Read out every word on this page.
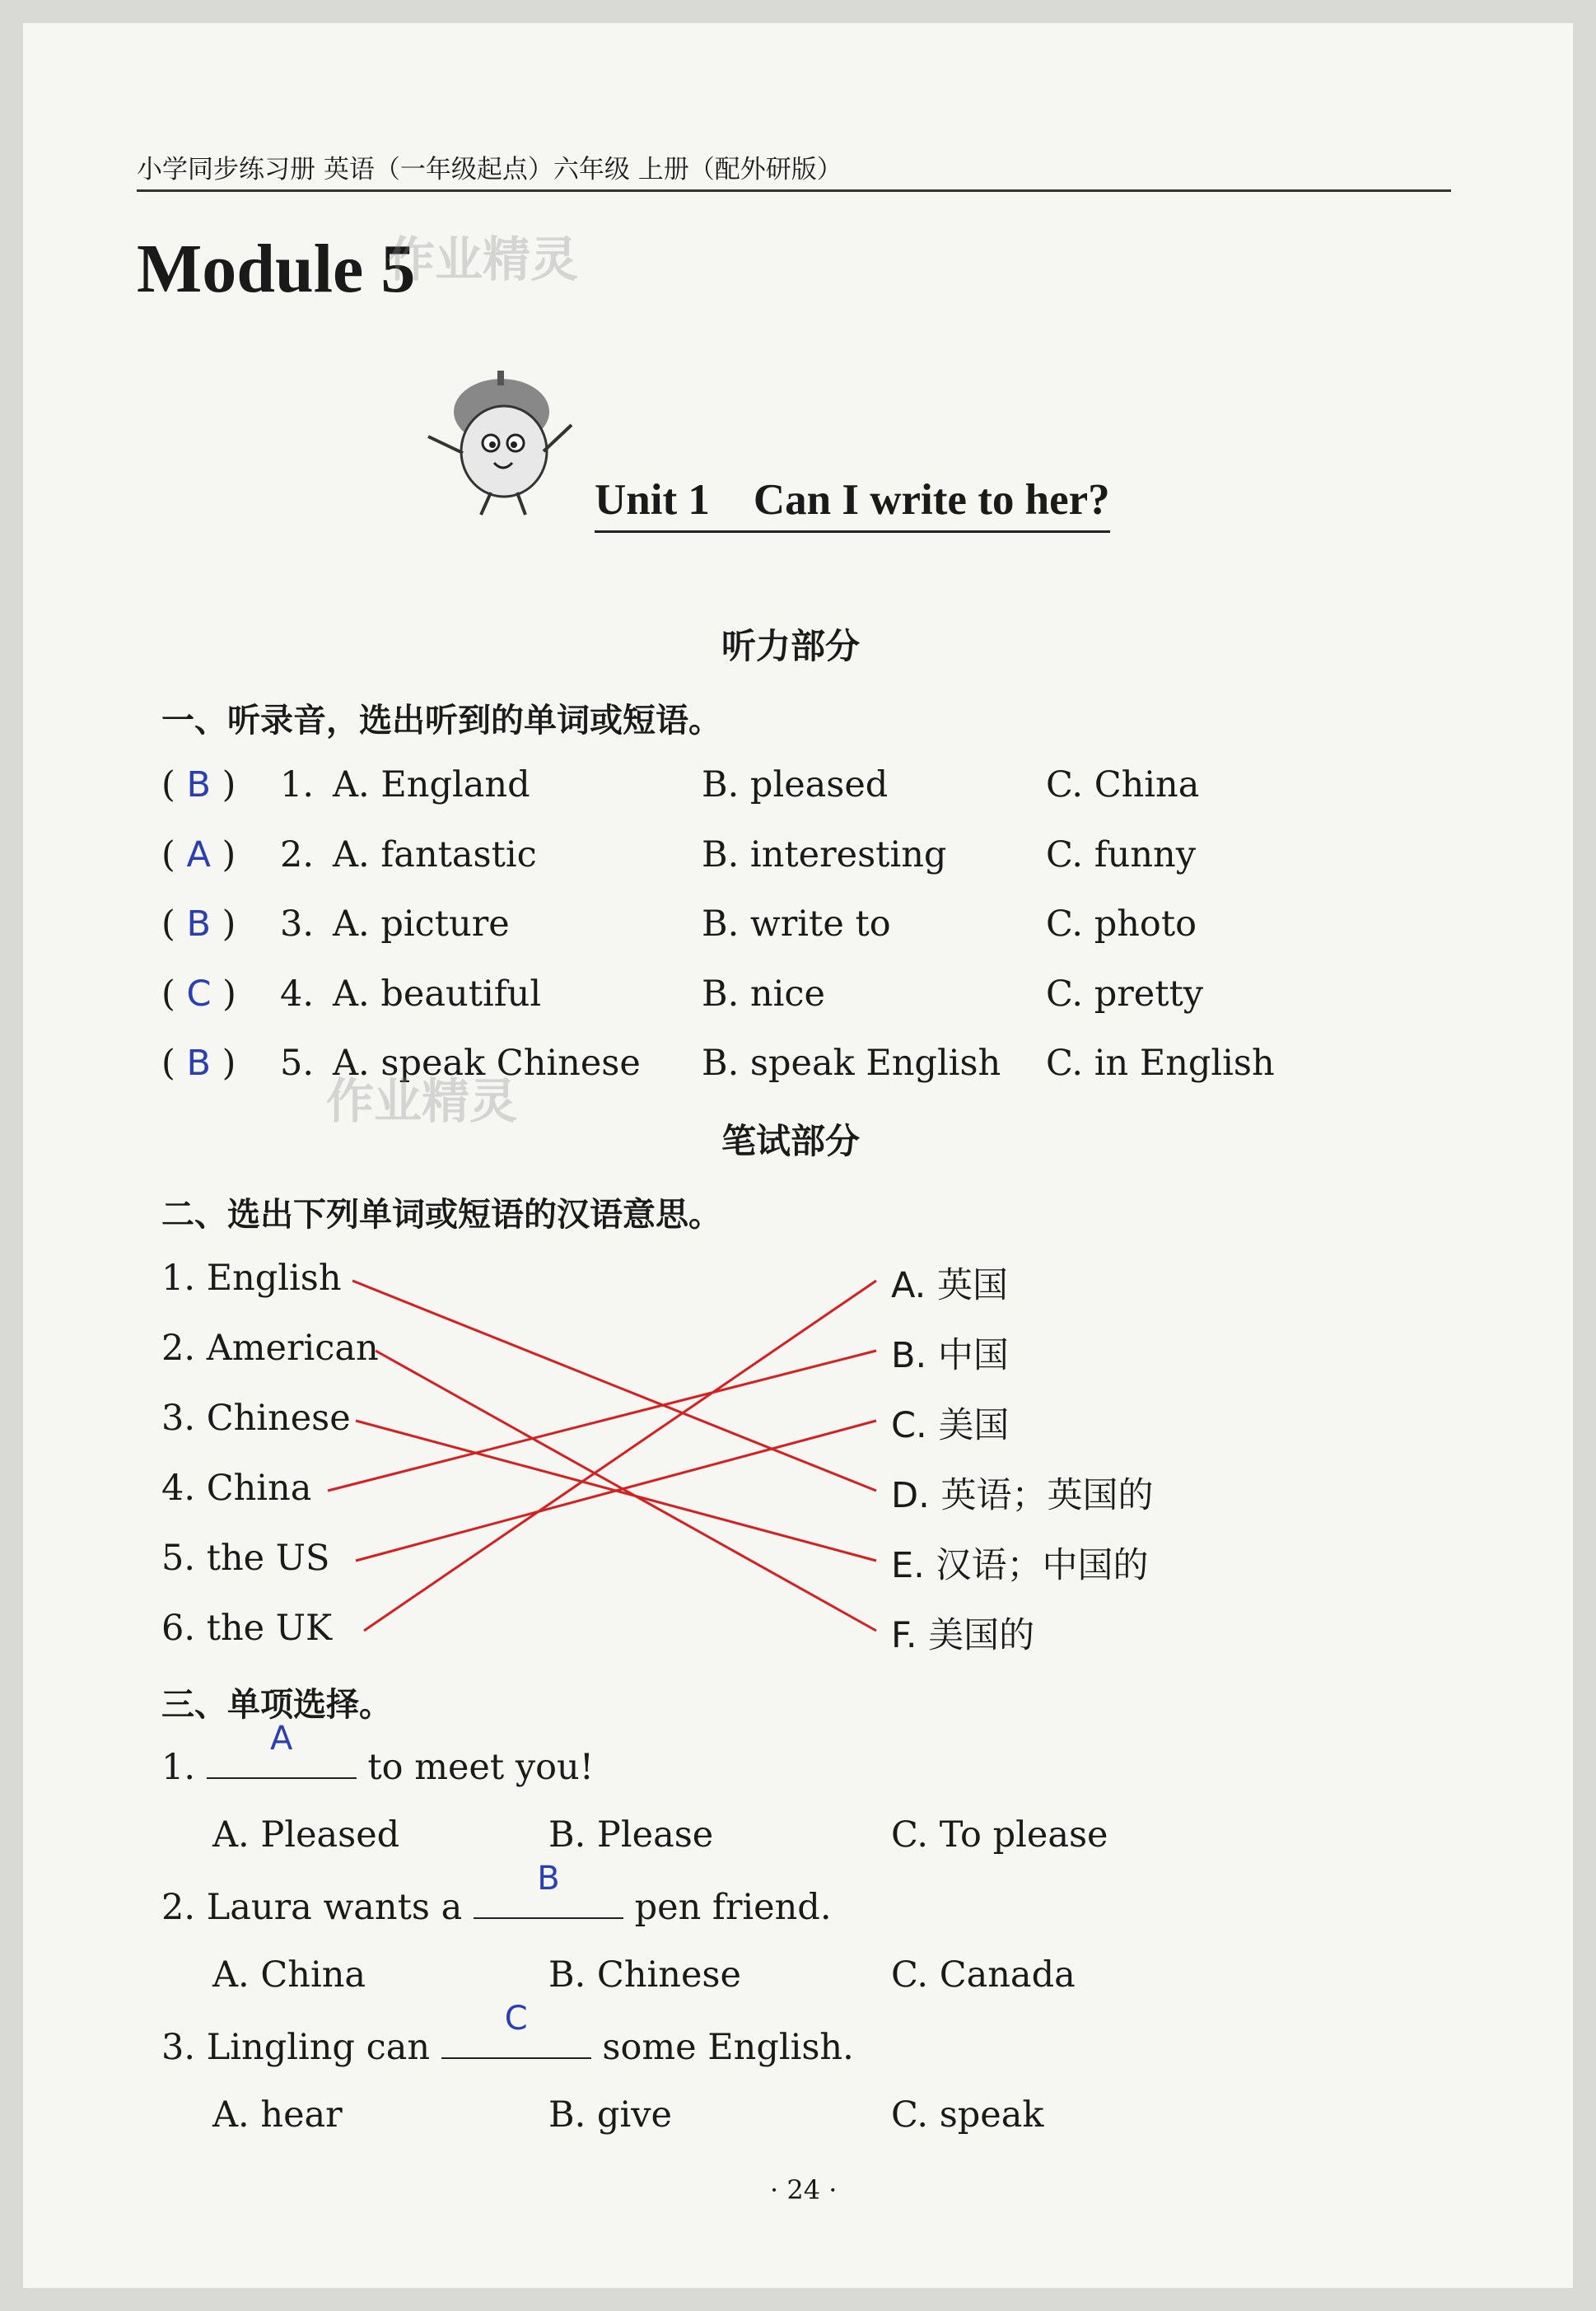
小学同步练习册 英语（一年级起点）六年级 上册（配外研版）
Module 5
作业精灵
Unit 1　Can I write to her?
听力部分
一、听录音，选出听到的单词或短语。
( B ) 1. A. England	B. pleased	C. China
( A ) 2. A. fantastic	B. interesting	C. funny
( B ) 3. A. picture	B. write to	C. photo
( C ) 4. A. beautiful	B. nice	C. pretty
( B ) 5. A. speak Chinese B. speak English C. in English
笔试部分
作业精灵
二、选出下列单词或短语的汉语意思。
1. English
2. American
3. Chinese
4. China
5. the US
6. the UK
A. 英国
B. 中国
C. 美国
D. 英语；英国的
E. 汉语；中国的
F. 美国的
三、单项选择。
1.
A
to meet you!
A. Pleased	B. Please	C. To please
2. Laura wants a
B
pen friend.
A. China	B. Chinese	C. Canada
3. Lingling can
C
some English.
A. hear	B. give	C. speak
· 24 ·
